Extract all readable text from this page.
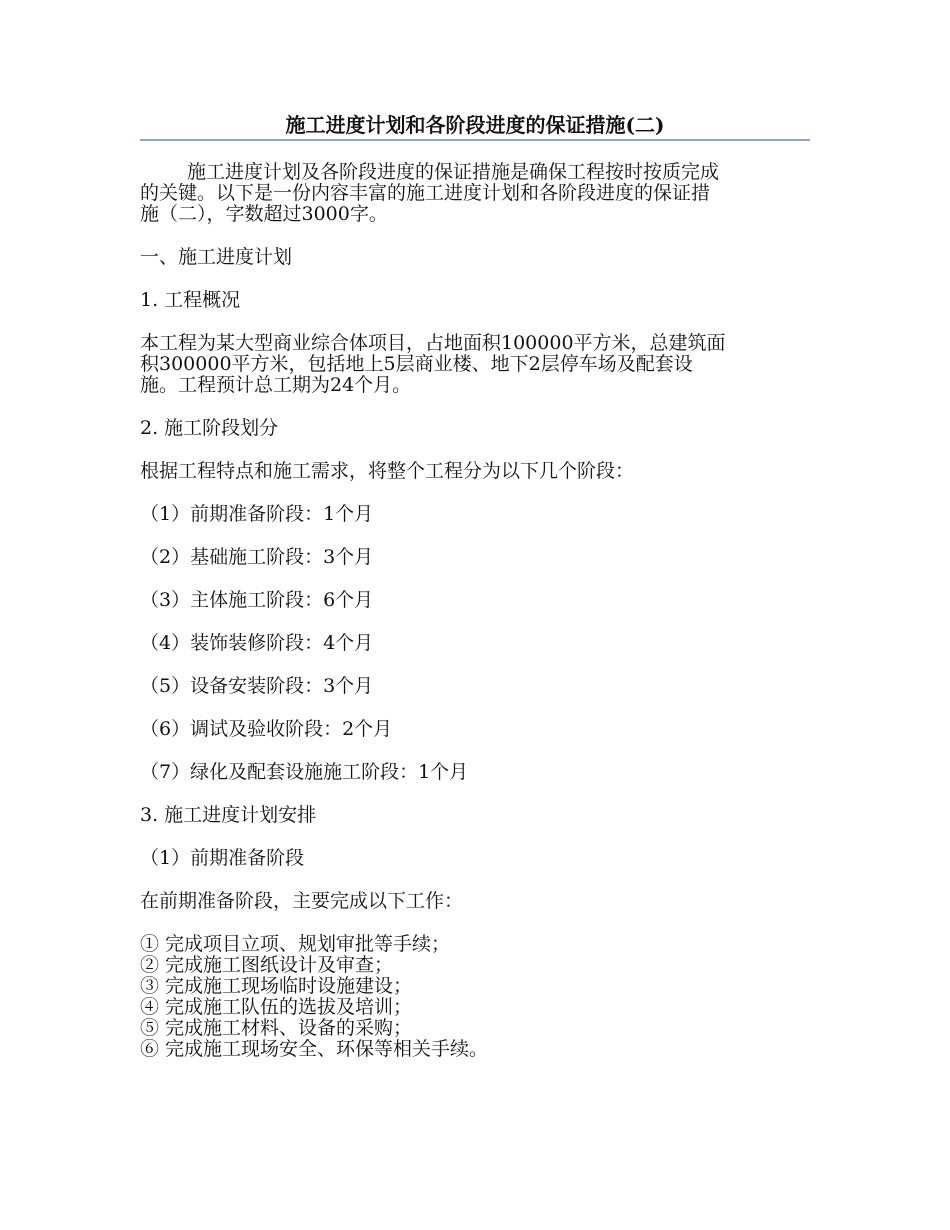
施工进度计划和各阶段进度的保证措施(二)

施工进度计划及各阶段进度的保证措施是确保工程按时按质完成

的关键。以下是一份内容丰富的施工进度计划和各阶段进度的保证措

施（二），字数超过3000字。

一、施工进度计划

1. 工程概况

本工程为某大型商业综合体项目，占地面积100000平方米，总建筑面

积300000平方米，包括地上5层商业楼、地下2层停车场及配套设

施。工程预计总工期为24个月。

2. 施工阶段划分

根据工程特点和施工需求，将整个工程分为以下几个阶段：

（1）前期准备阶段：1个月

（2）基础施工阶段：3个月

（3）主体施工阶段：6个月

（4）装饰装修阶段：4个月

（5）设备安装阶段：3个月

（6）调试及验收阶段：2个月

（7）绿化及配套设施施工阶段：1个月

3. 施工进度计划安排

（1）前期准备阶段

在前期准备阶段，主要完成以下工作：

① 完成项目立项、规划审批等手续；

② 完成施工图纸设计及审查；

③ 完成施工现场临时设施建设；

④ 完成施工队伍的选拔及培训；

⑤ 完成施工材料、设备的采购；

⑥ 完成施工现场安全、环保等相关手续。
